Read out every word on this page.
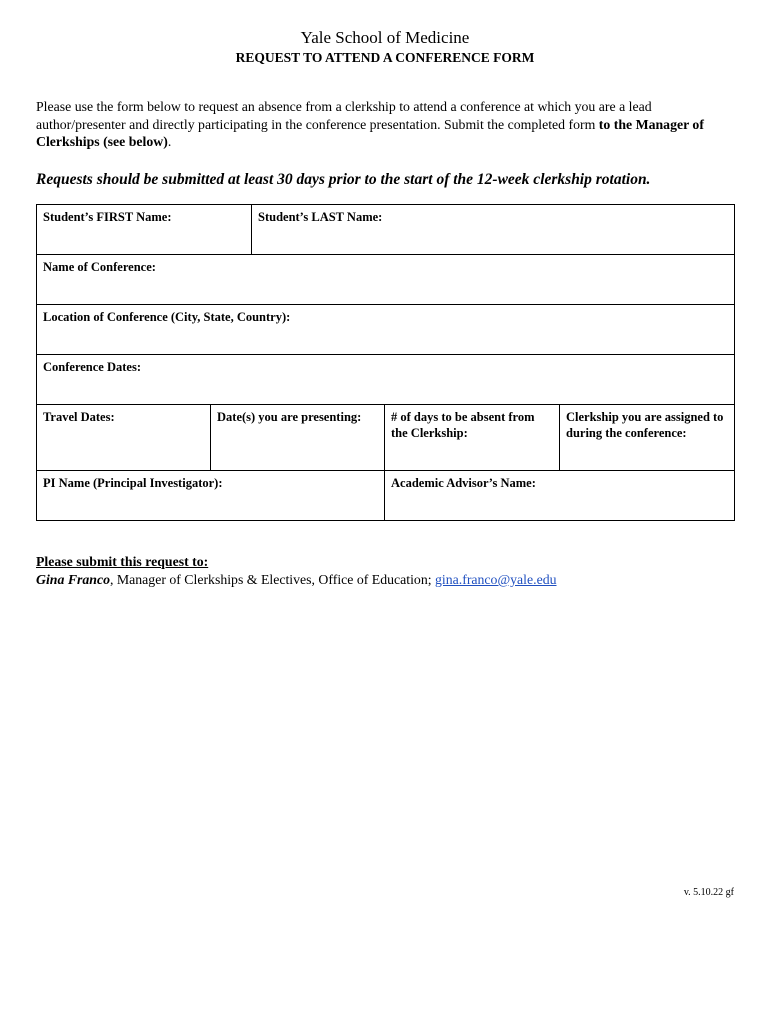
Yale School of Medicine
REQUEST TO ATTEND A CONFERENCE FORM
Please use the form below to request an absence from a clerkship to attend a conference at which you are a lead author/presenter and directly participating in the conference presentation. Submit the completed form to the Manager of Clerkships (see below).
Requests should be submitted at least 30 days prior to the start of the 12-week clerkship rotation.
Student’s FIRST Name:		Student’s LAST Name:		
Name of Conference:				
Location of Conference (City, State, Country):				
Conference Dates:				
Travel Dates:	Date(s) you are presenting:		# of days to be absent from the Clerkship:	Clerkship you are assigned to during the conference:
PI Name (Principal Investigator):			Academic Advisor’s Name:	
Please submit this request to:
Gina Franco, Manager of Clerkships & Electives, Office of Education; gina.franco@yale.edu
v. 5.10.22 gf
